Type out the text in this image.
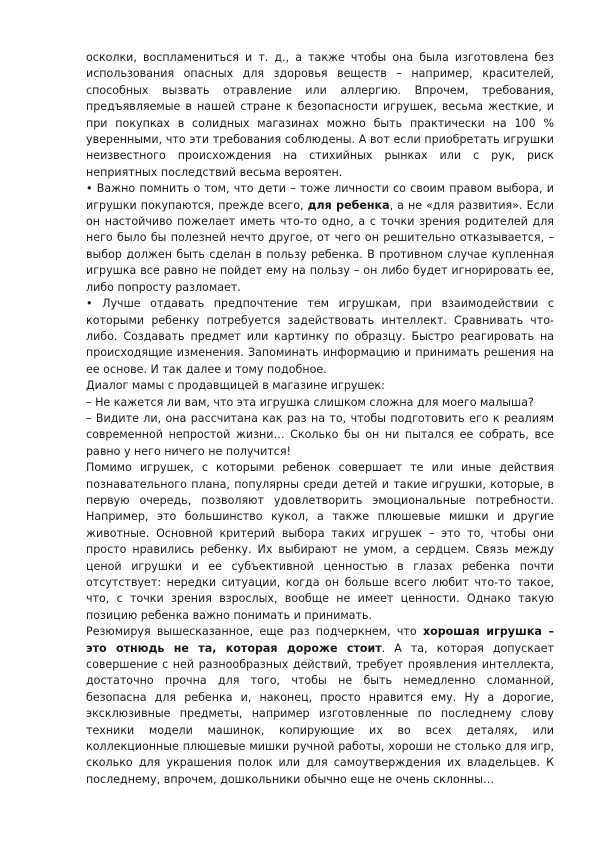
осколки, воспламениться и т. д., а также чтобы она была изготовлена без использования опасных для здоровья веществ – например, красителей, способных вызвать отравление или аллергию. Впрочем, требования, предъявляемые в нашей стране к безопасности игрушек, весьма жесткие, и при покупках в солидных магазинах можно быть практически на 100 % уверенными, что эти требования соблюдены. А вот если приобретать игрушки неизвестного происхождения на стихийных рынках или с рук, риск неприятных последствий весьма вероятен.

• Важно помнить о том, что дети – тоже личности со своим правом выбора, и игрушки покупаются, прежде всего, для ребенка, а не «для развития». Если он настойчиво пожелает иметь что-то одно, а с точки зрения родителей для него было бы полезней нечто другое, от чего он решительно отказывается, – выбор должен быть сделан в пользу ребенка. В противном случае купленная игрушка все равно не пойдет ему на пользу – он либо будет игнорировать ее, либо попросту разломает.

• Лучше отдавать предпочтение тем игрушкам, при взаимодействии с которыми ребенку потребуется задействовать интеллект. Сравнивать что-либо. Создавать предмет или картинку по образцу. Быстро реагировать на происходящие изменения. Запоминать информацию и принимать решения на ее основе. И так далее и тому подобное.

Диалог мамы с продавщицей в магазине игрушек:

– Не кажется ли вам, что эта игрушка слишком сложна для моего малыша?

– Видите ли, она рассчитана как раз на то, чтобы подготовить его к реалиям современной непростой жизни… Сколько бы он ни пытался ее собрать, все равно у него ничего не получится!

Помимо игрушек, с которыми ребенок совершает те или иные действия познавательного плана, популярны среди детей и такие игрушки, которые, в первую очередь, позволяют удовлетворить эмоциональные потребности. Например, это большинство кукол, а также плюшевые мишки и другие животные. Основной критерий выбора таких игрушек – это то, чтобы они просто нравились ребенку. Их выбирают не умом, а сердцем. Связь между ценой игрушки и ее субъективной ценностью в глазах ребенка почти отсутствует: нередки ситуации, когда он больше всего любит что-то такое, что, с точки зрения взрослых, вообще не имеет ценности. Однако такую позицию ребенка важно понимать и принимать.

Резюмируя вышесказанное, еще раз подчеркнем, что хорошая игрушка – это отнюдь не та, которая дороже стоит. А та, которая допускает совершение с ней разнообразных действий, требует проявления интеллекта, достаточно прочна для того, чтобы не быть немедленно сломанной, безопасна для ребенка и, наконец, просто нравится ему. Ну а дорогие, эксклюзивные предметы, например изготовленные по последнему слову техники модели машинок, копирующие их во всех деталях, или коллекционные плюшевые мишки ручной работы, хороши не столько для игр, сколько для украшения полок или для самоутверждения их владельцев. К последнему, впрочем, дошкольники обычно еще не очень склонны…
